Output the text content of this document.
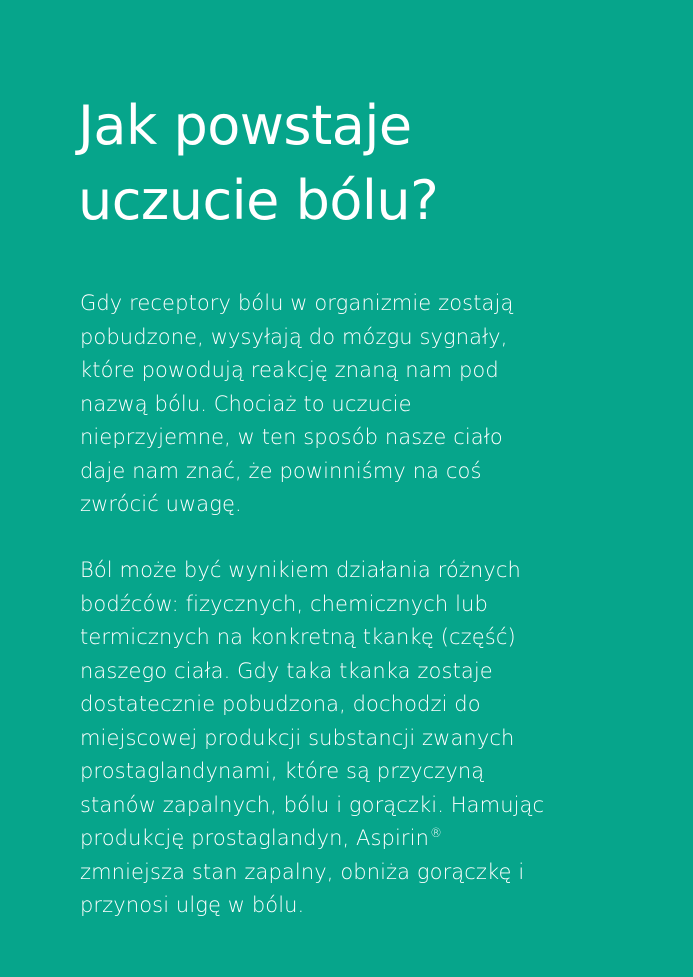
Jak powstaje
uczucie bólu?

Gdy receptory bólu w organizmie zostają
pobudzone, wysyłają do mózgu sygnały,
które powodują reakcję znaną nam pod
nazwą bólu. Chociaż to uczucie
nieprzyjemne, w ten sposób nasze ciało
daje nam znać, że powinniśmy na coś
zwrócić uwagę.

Ból może być wynikiem działania różnych
bodźców: fizycznych, chemicznych lub
termicznych na konkretną tkankę (część)
naszego ciała. Gdy taka tkanka zostaje
dostatecznie pobudzona, dochodzi do
miejscowej produkcji substancji zwanych
prostaglandynami, które są przyczyną
stanów zapalnych, bólu i gorączki. Hamując
produkcję prostaglandyn, Aspirin®
zmniejsza stan zapalny, obniża gorączkę i
przynosi ulgę w bólu.
